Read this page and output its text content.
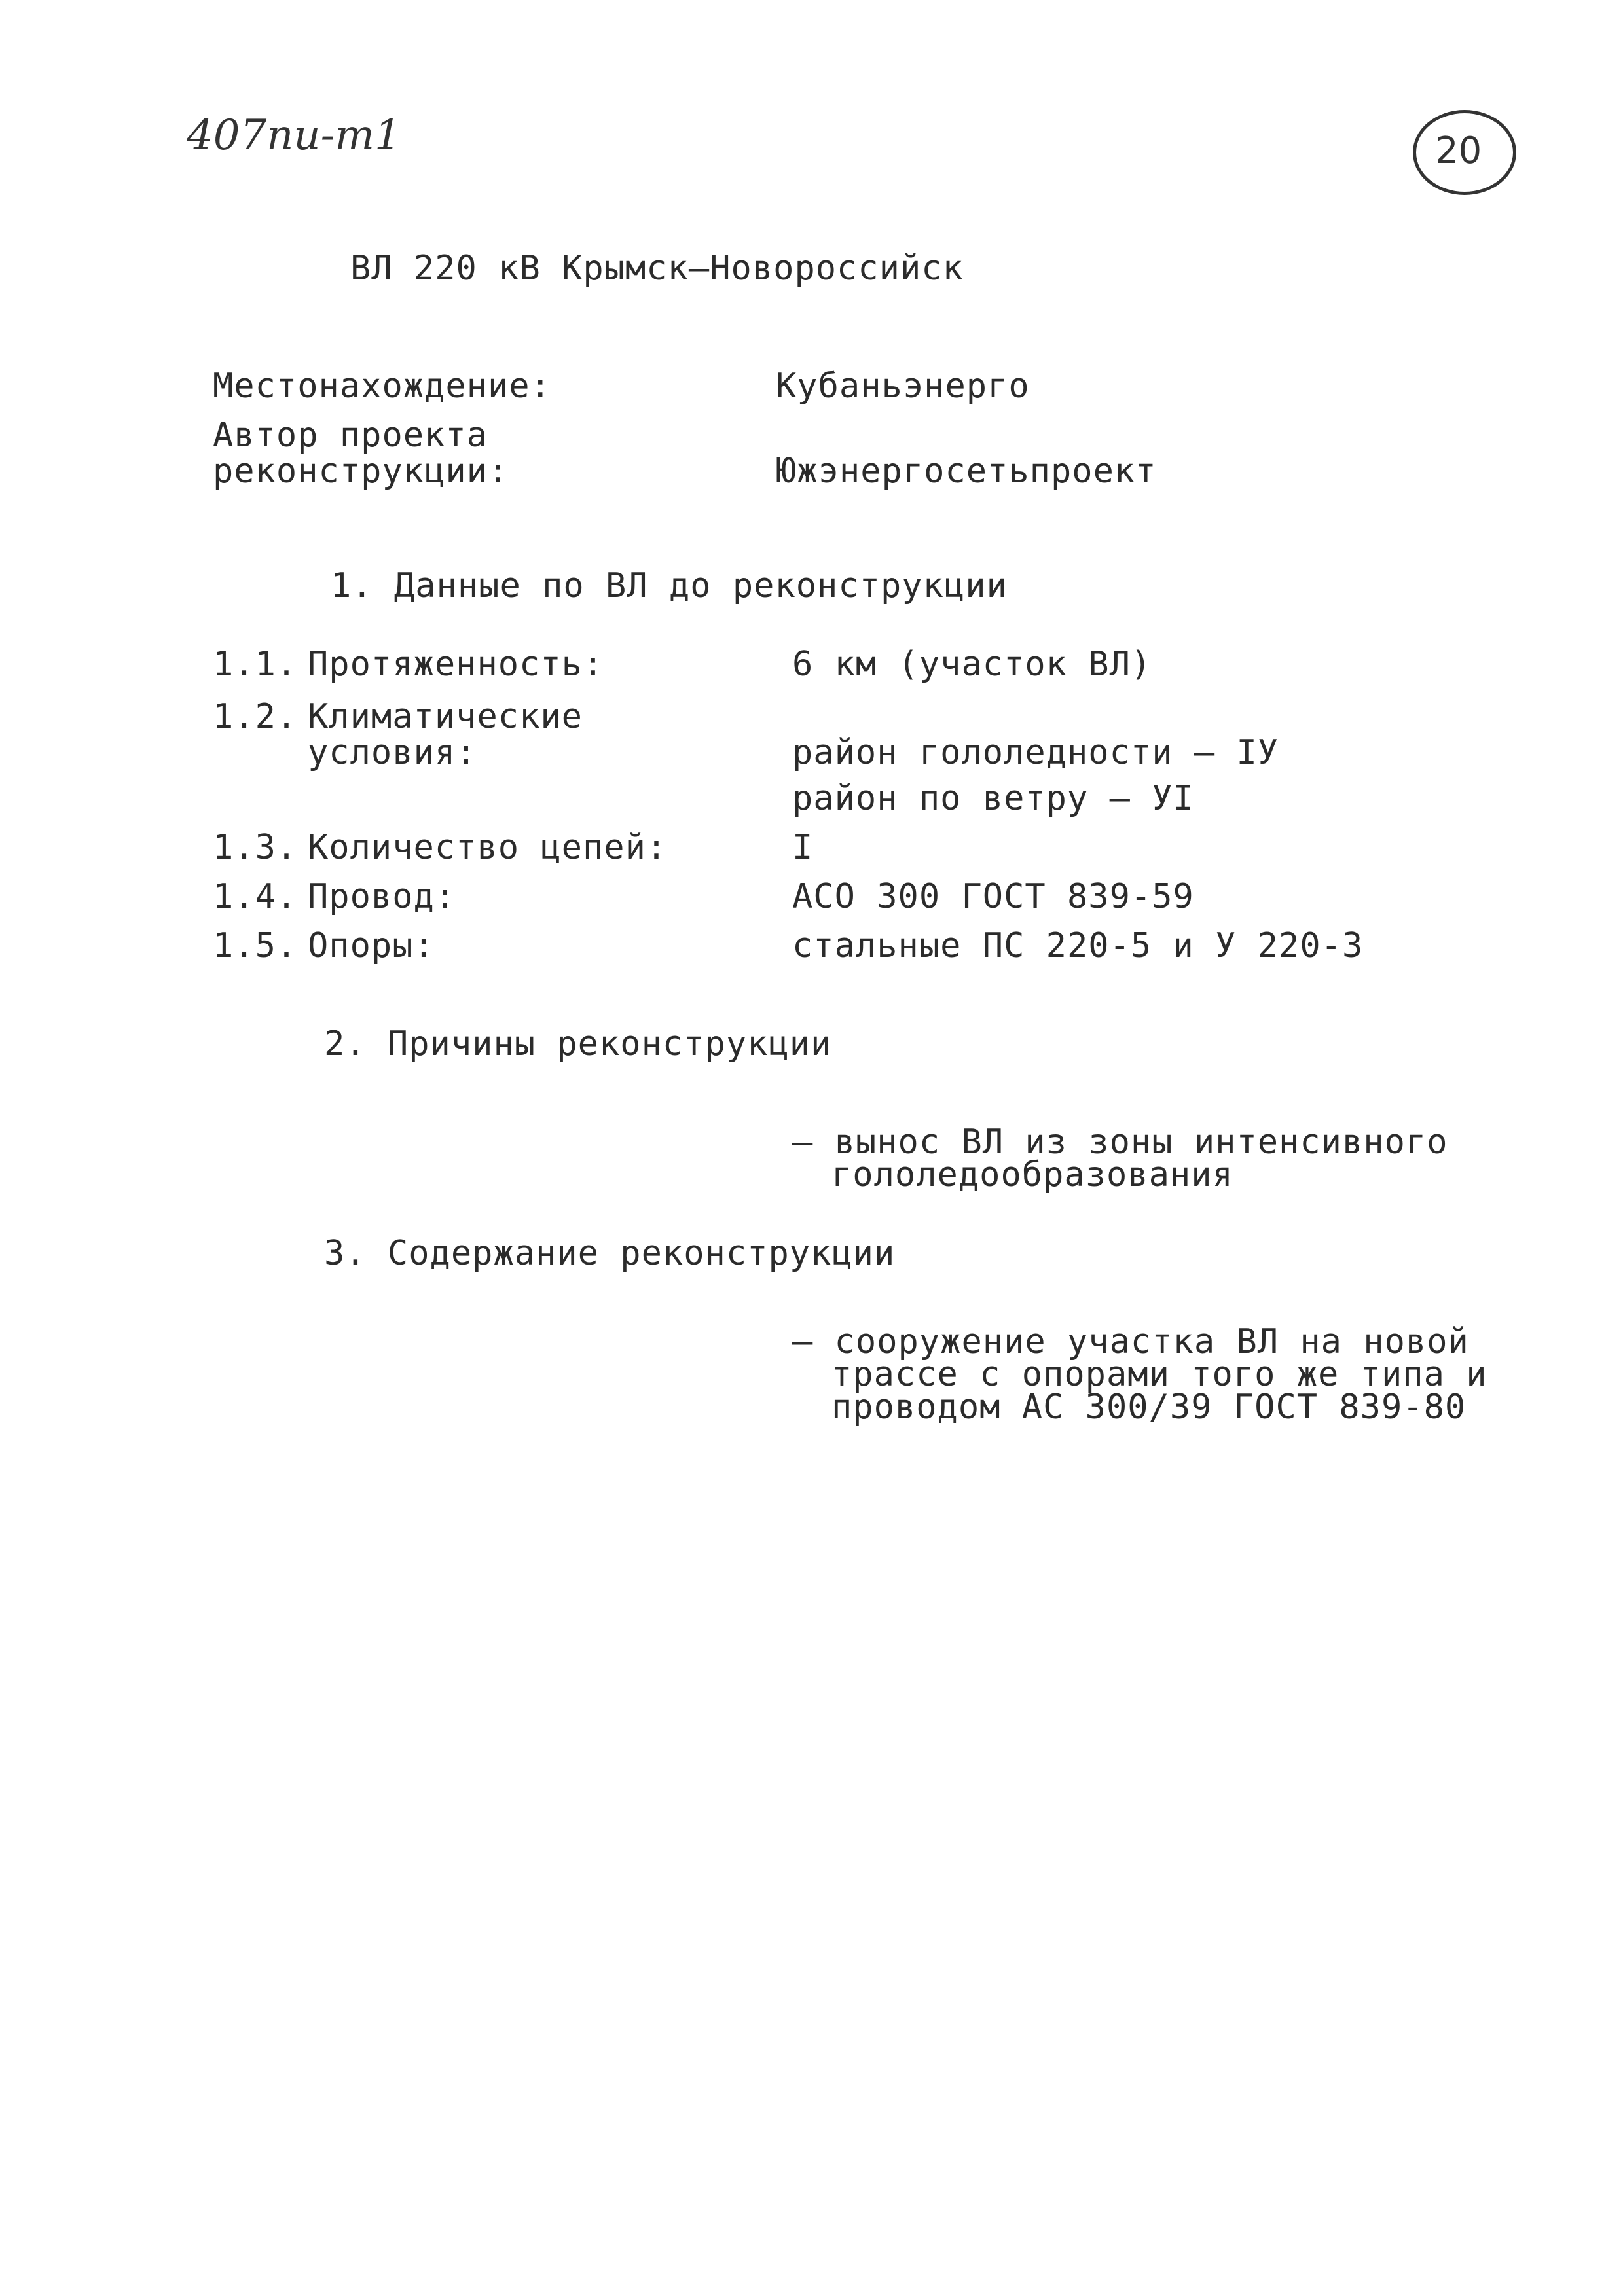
407пи-т1	20
ВЛ 220 кВ Крымск–Новороссийск
Местонахождение:	Кубаньэнерго
Автор проекта
реконструкции:	Южэнергосетьпроект
1. Данные по ВЛ до реконструкции
1.1. Протяженность:	6 км (участок ВЛ)
1.2. Климатические
условия:	район гололедности – IУ
район по ветру – УI
1.3. Количество цепей:	I
1.4. Провод:	АСО 300 ГОСТ 839-59
1.5. Опоры:	стальные ПС 220-5 и У 220-3
2. Причины реконструкции
– вынос ВЛ из зоны интенсивного
гололедообразования
3. Содержание реконструкции
– сооружение участка ВЛ на новой
трассе с опорами того же типа и
проводом АС 300/39 ГОСТ 839-80
